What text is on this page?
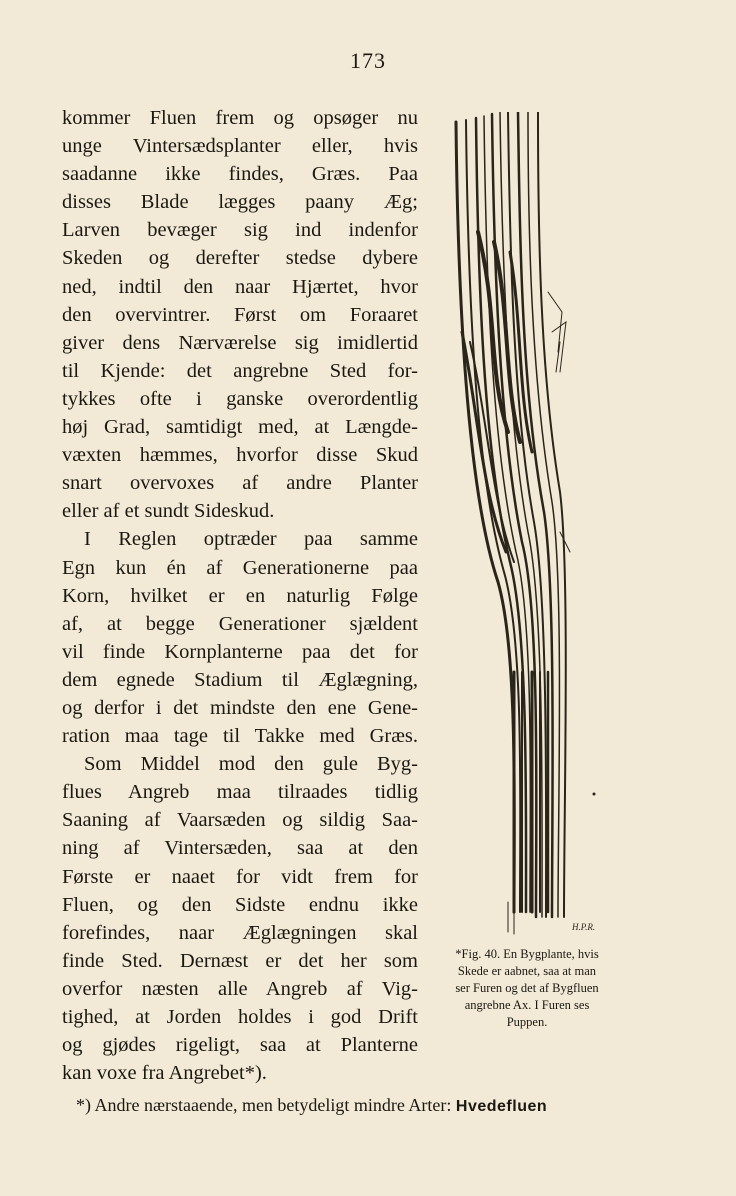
173
kommer Fluen frem og opsøger nu
unge Vintersædsplanter eller, hvis
saadanne ikke findes, Græs. Paa
disses Blade lægges paany Æg;
Larven bevæger sig ind indenfor
Skeden og derefter stedse dybere
ned, indtil den naar Hjærtet, hvor
den overvintrer. Først om Foraaret
giver dens Nærværelse sig imidlertid
til Kjende: det angrebne Sted for-
tykkes ofte i ganske overordentlig
høj Grad, samtidigt med, at Længde-
væxten hæmmes, hvorfor disse Skud
snart overvoxes af andre Planter
eller af et sundt Sideskud.
I Reglen optræder paa samme
Egn kun én af Generationerne paa
Korn, hvilket er en naturlig Følge
af, at begge Generationer sjældent
vil finde Kornplanterne paa det for
dem egnede Stadium til Æglægning,
og derfor i det mindste den ene Gene-
ration maa tage til Takke med Græs.
Som Middel mod den gule Byg-
flues Angreb maa tilraades tidlig
Saaning af Vaarsæden og sildig Saa-
ning af Vintersæden, saa at den
Første er naaet for vidt frem for
Fluen, og den Sidste endnu ikke
forefindes, naar Æglægningen skal
finde Sted. Dernæst er det her som
overfor næsten alle Angreb af Vig-
tighed, at Jorden holdes i god Drift
og gjødes rigeligt, saa at Planterne
kan voxe fra Angrebet*).
H.P.R.
*Fig. 40. En Bygplante, hvis
Skede er aabnet, saa at man
ser Furen og det af Bygfluen
angrebne Ax. I Furen ses
Puppen.
*) Andre nærstaaende, men betydeligt mindre Arter: Hvedefluen
